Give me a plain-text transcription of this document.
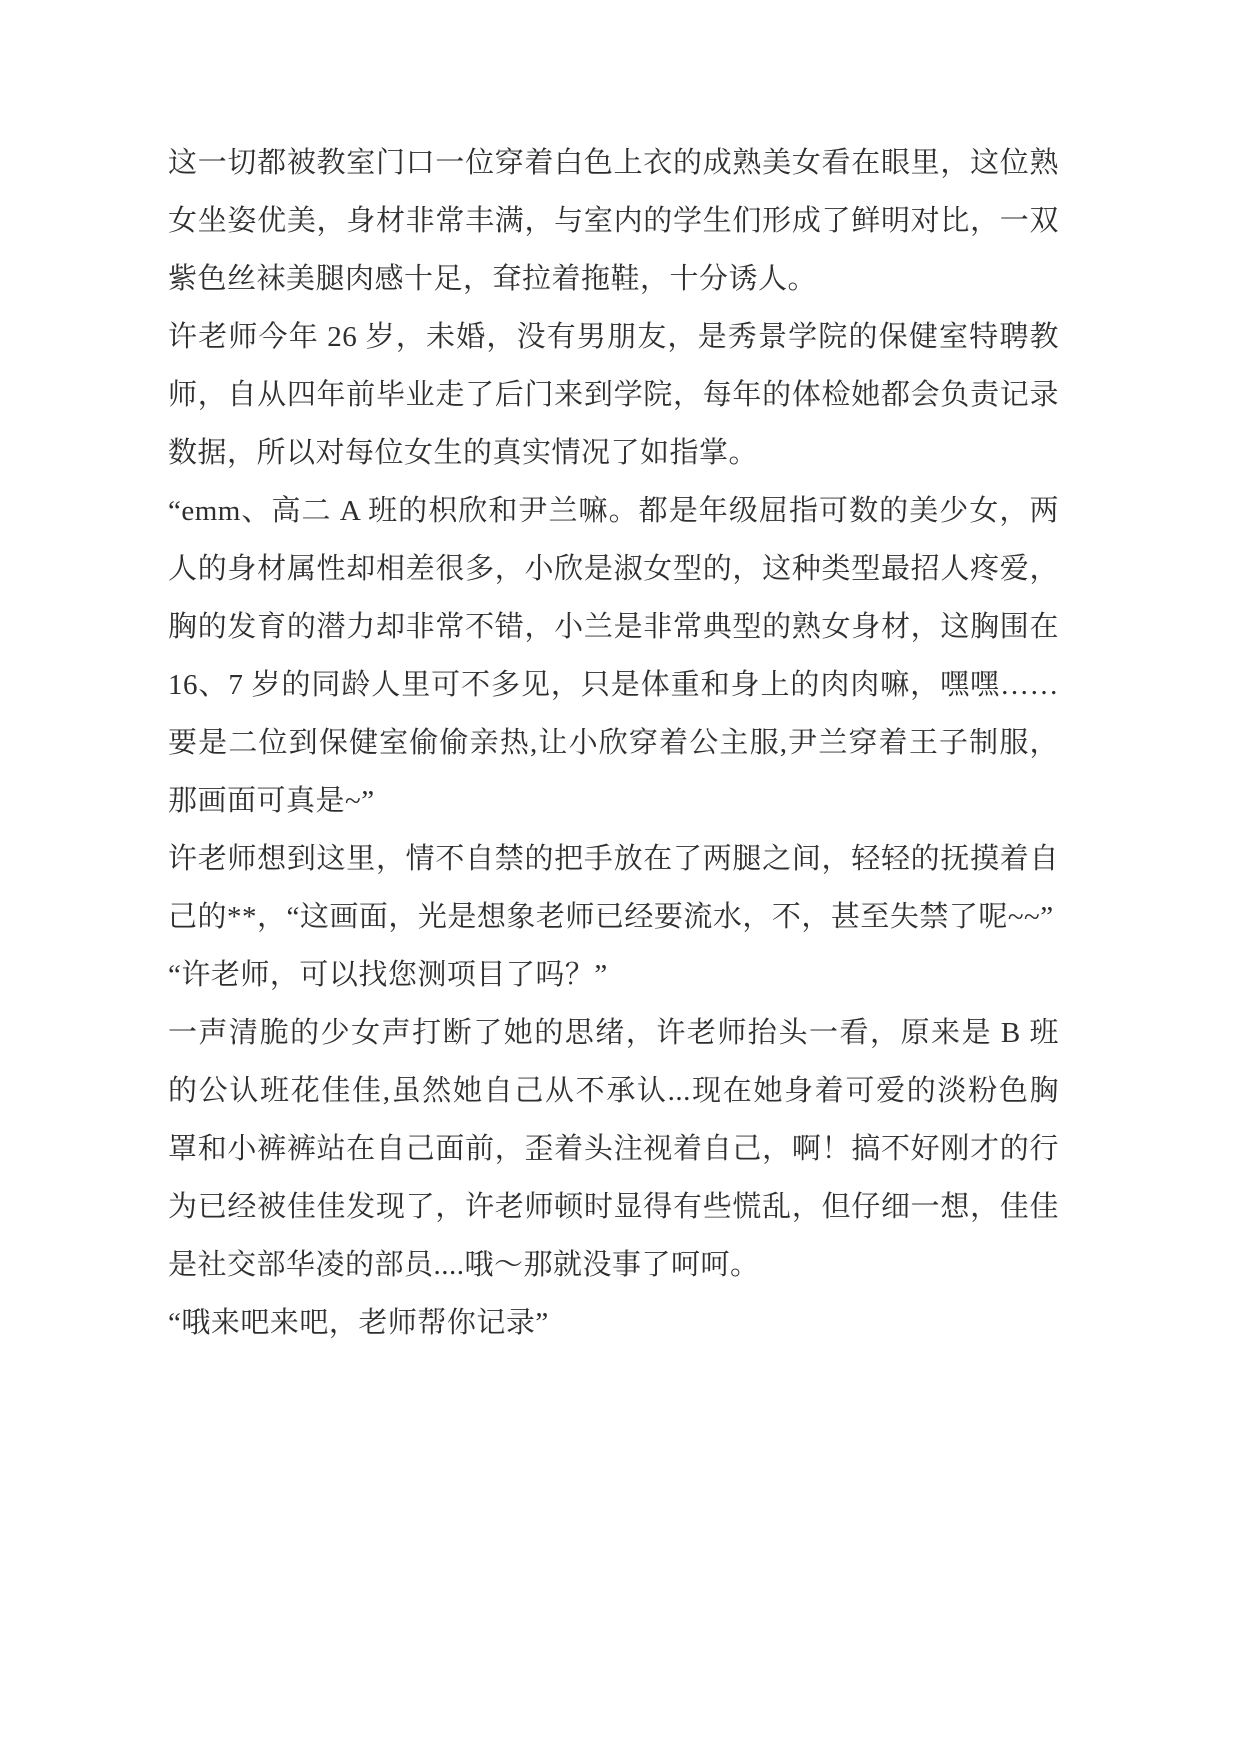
这一切都被教室门口一位穿着白色上衣的成熟美女看在眼里，这位熟
女坐姿优美，身材非常丰满，与室内的学生们形成了鲜明对比，一双
紫色丝袜美腿肉感十足，耷拉着拖鞋，十分诱人。
许老师今年 26 岁，未婚，没有男朋友，是秀景学院的保健室特聘教
师，自从四年前毕业走了后门来到学院，每年的体检她都会负责记录
数据，所以对每位女生的真实情况了如指掌。
“emm、高二 A 班的枳欣和尹兰嘛。都是年级屈指可数的美少女，两
人的身材属性却相差很多，小欣是淑女型的，这种类型最招人疼爱，
胸的发育的潜力却非常不错，小兰是非常典型的熟女身材，这胸围在
16、7 岁的同龄人里可不多见，只是体重和身上的肉肉嘛，嘿嘿……
要是二位到保健室偷偷亲热,让小欣穿着公主服,尹兰穿着王子制服，
那画面可真是~”
许老师想到这里，情不自禁的把手放在了两腿之间，轻轻的抚摸着自
己的**，“这画面，光是想象老师已经要流水，不，甚至失禁了呢~~”
“许老师，可以找您测项目了吗？”
一声清脆的少女声打断了她的思绪，许老师抬头一看，原来是 B 班
的公认班花佳佳,虽然她自己从不承认...现在她身着可爱的淡粉色胸
罩和小裤裤站在自己面前，歪着头注视着自己，啊！搞不好刚才的行
为已经被佳佳发现了，许老师顿时显得有些慌乱，但仔细一想，佳佳
是社交部华凌的部员....哦～那就没事了呵呵。
“哦来吧来吧，老师帮你记录”
